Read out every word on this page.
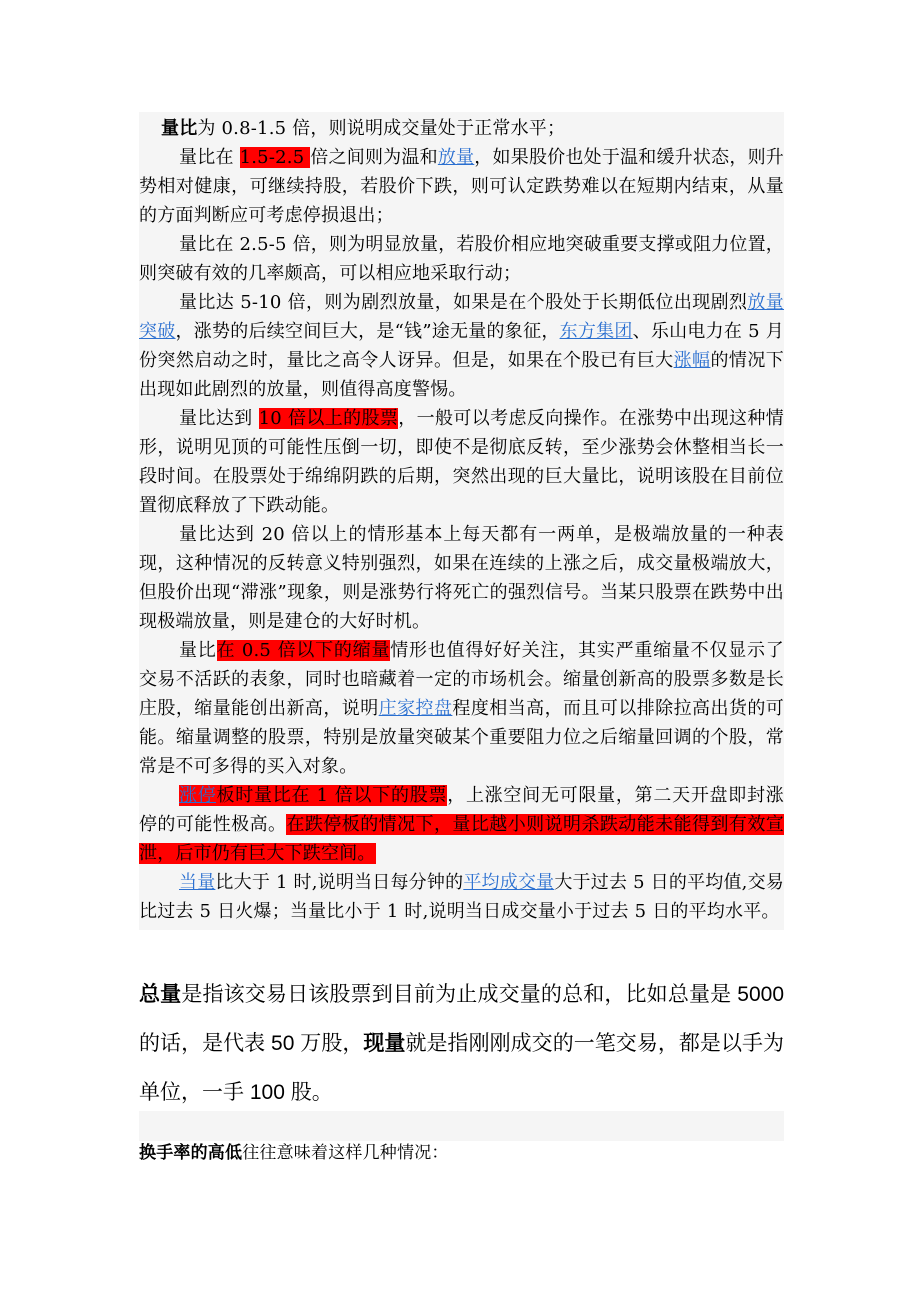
量比为 0.8-1.5 倍，则说明成交量处于正常水平；

量比在 1.5-2.5 倍之间则为温和放量，如果股价也处于温和缓升状态，则升势相对健康，可继续持股，若股价下跌，则可认定跌势难以在短期内结束，从量的方面判断应可考虑停损退出；

量比在 2.5-5 倍，则为明显放量，若股价相应地突破重要支撑或阻力位置，则突破有效的几率颇高，可以相应地采取行动；

量比达 5-10 倍，则为剧烈放量，如果是在个股处于长期低位出现剧烈放量突破，涨势的后续空间巨大，是“钱”途无量的象征，东方集团、乐山电力在 5 月份突然启动之时，量比之高令人讶异。但是，如果在个股已有巨大涨幅的情况下出现如此剧烈的放量，则值得高度警惕。

量比达到 10 倍以上的股票，一般可以考虑反向操作。在涨势中出现这种情形，说明见顶的可能性压倒一切，即使不是彻底反转，至少涨势会休整相当长一段时间。在股票处于绵绵阴跌的后期，突然出现的巨大量比，说明该股在目前位置彻底释放了下跌动能。

量比达到 20 倍以上的情形基本上每天都有一两单，是极端放量的一种表现，这种情况的反转意义特别强烈，如果在连续的上涨之后，成交量极端放大，但股价出现“滞涨”现象，则是涨势行将死亡的强烈信号。当某只股票在跌势中出现极端放量，则是建仓的大好时机。

量比在 0.5 倍以下的缩量情形也值得好好关注，其实严重缩量不仅显示了交易不活跃的表象，同时也暗藏着一定的市场机会。缩量创新高的股票多数是长庄股，缩量能创出新高，说明庄家控盘程度相当高，而且可以排除拉高出货的可能。缩量调整的股票，特别是放量突破某个重要阻力位之后缩量回调的个股，常常是不可多得的买入对象。

涨停板时量比在 1 倍以下的股票，上涨空间无可限量，第二天开盘即封涨停的可能性极高。在跌停板的情况下，量比越小则说明杀跌动能未能得到有效宣泄，后市仍有巨大下跌空间。

当量比大于 1 时,说明当日每分钟的平均成交量大于过去 5 日的平均值,交易比过去 5 日火爆；当量比小于 1 时,说明当日成交量小于过去 5 日的平均水平。

总量是指该交易日该股票到目前为止成交量的总和，比如总量是 5000 的话，是代表 50 万股，现量就是指刚刚成交的一笔交易，都是以手为单位，一手 100 股。

换手率的高低往往意味着这样几种情况：
